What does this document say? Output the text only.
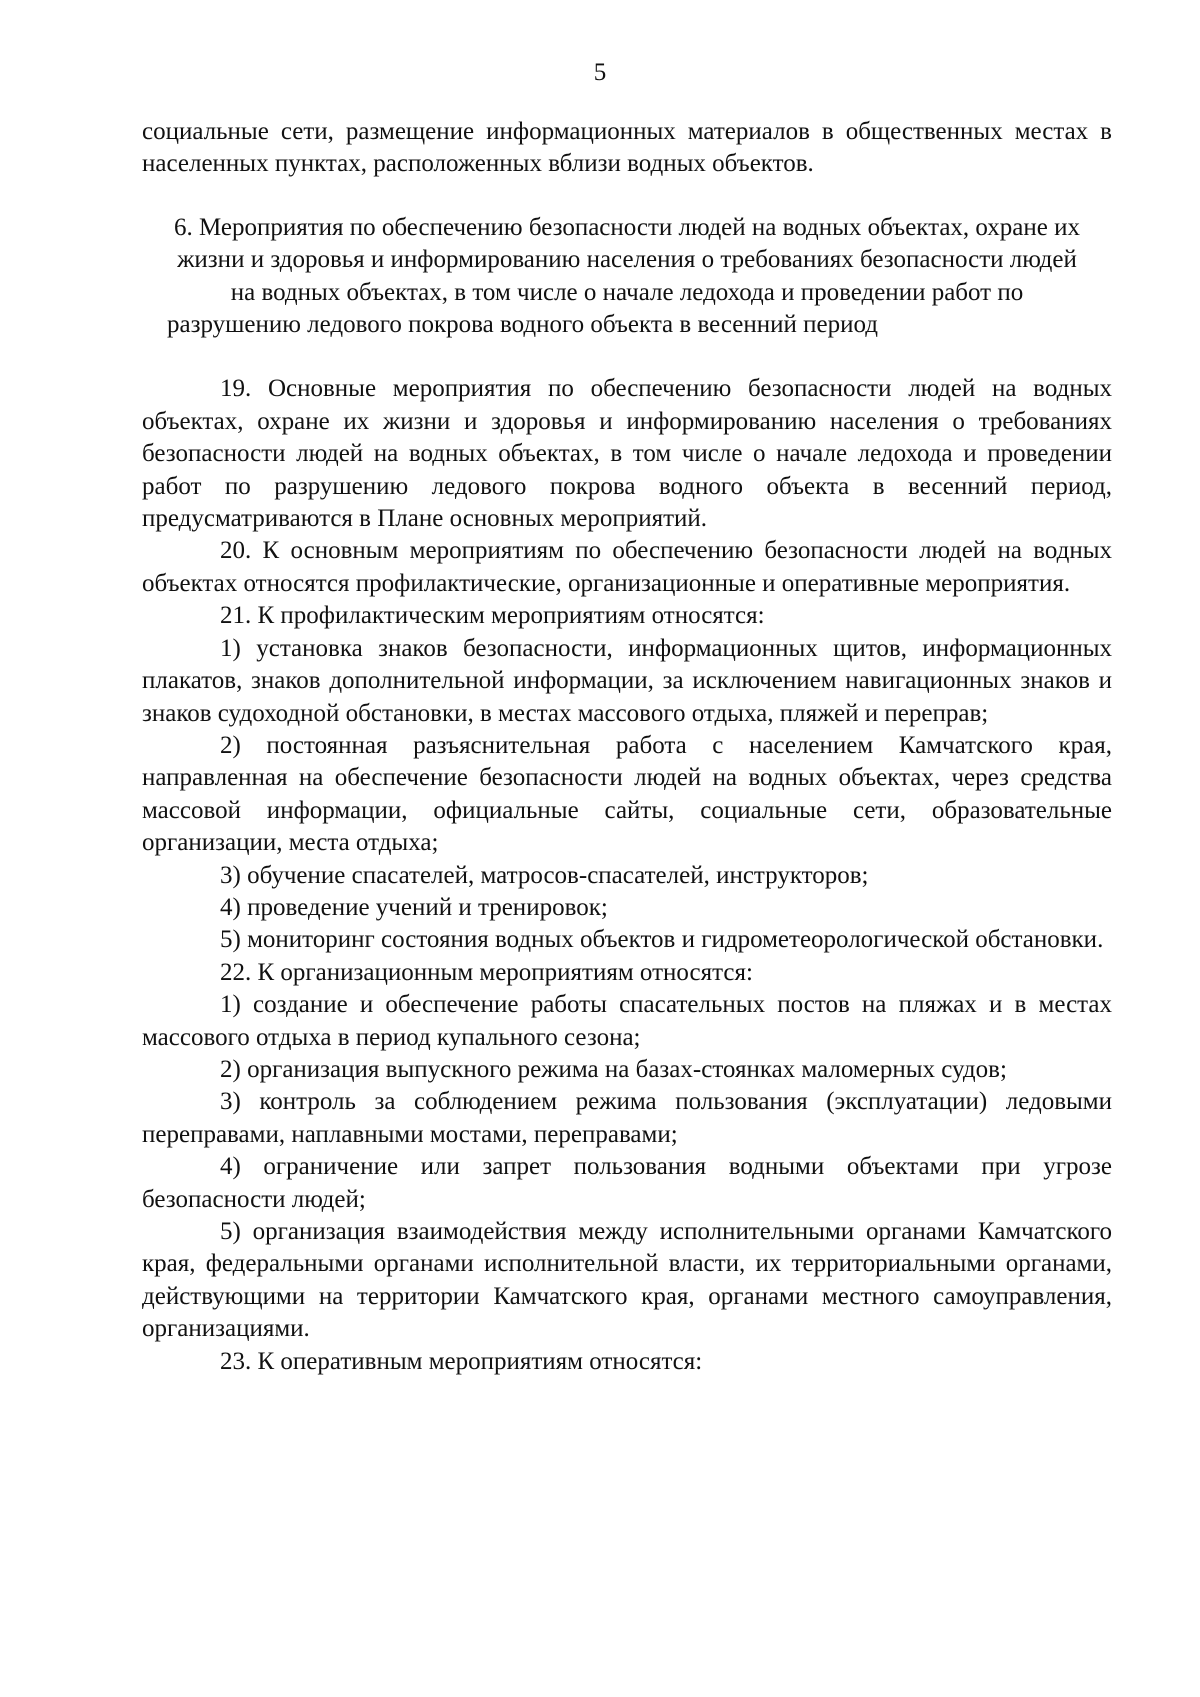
5

социальные сети, размещение информационных материалов в общественных местах в населенных пунктах, расположенных вблизи водных объектов.

6. Мероприятия по обеспечению безопасности людей на водных объектах, охране их жизни и здоровья и информированию населения о требованиях безопасности людей на водных объектах, в том числе о начале ледохода и проведении работ по разрушению ледового покрова водного объекта в весенний период

19. Основные мероприятия по обеспечению безопасности людей на водных объектах, охране их жизни и здоровья и информированию населения о требованиях безопасности людей на водных объектах, в том числе о начале ледохода и проведении работ по разрушению ледового покрова водного объекта в весенний период, предусматриваются в Плане основных мероприятий.

20. К основным мероприятиям по обеспечению безопасности людей на водных объектах относятся профилактические, организационные и оперативные мероприятия.

21. К профилактическим мероприятиям относятся:

1) установка знаков безопасности, информационных щитов, информационных плакатов, знаков дополнительной информации, за исключением навигационных знаков и знаков судоходной обстановки, в местах массового отдыха, пляжей и переправ;

2) постоянная разъяснительная работа с населением Камчатского края, направленная на обеспечение безопасности людей на водных объектах, через средства массовой информации, официальные сайты, социальные сети, образовательные организации, места отдыха;

3) обучение спасателей, матросов-спасателей, инструкторов;

4) проведение учений и тренировок;

5) мониторинг состояния водных объектов и гидрометеорологической обстановки.

22. К организационным мероприятиям относятся:

1) создание и обеспечение работы спасательных постов на пляжах и в местах массового отдыха в период купального сезона;

2) организация выпускного режима на базах-стоянках маломерных судов;

3) контроль за соблюдением режима пользования (эксплуатации) ледовыми переправами, наплавными мостами, переправами;

4) ограничение или запрет пользования водными объектами при угрозе безопасности людей;

5) организация взаимодействия между исполнительными органами Камчатского края, федеральными органами исполнительной власти, их территориальными органами, действующими на территории Камчатского края, органами местного самоуправления, организациями.

23. К оперативным мероприятиям относятся:
